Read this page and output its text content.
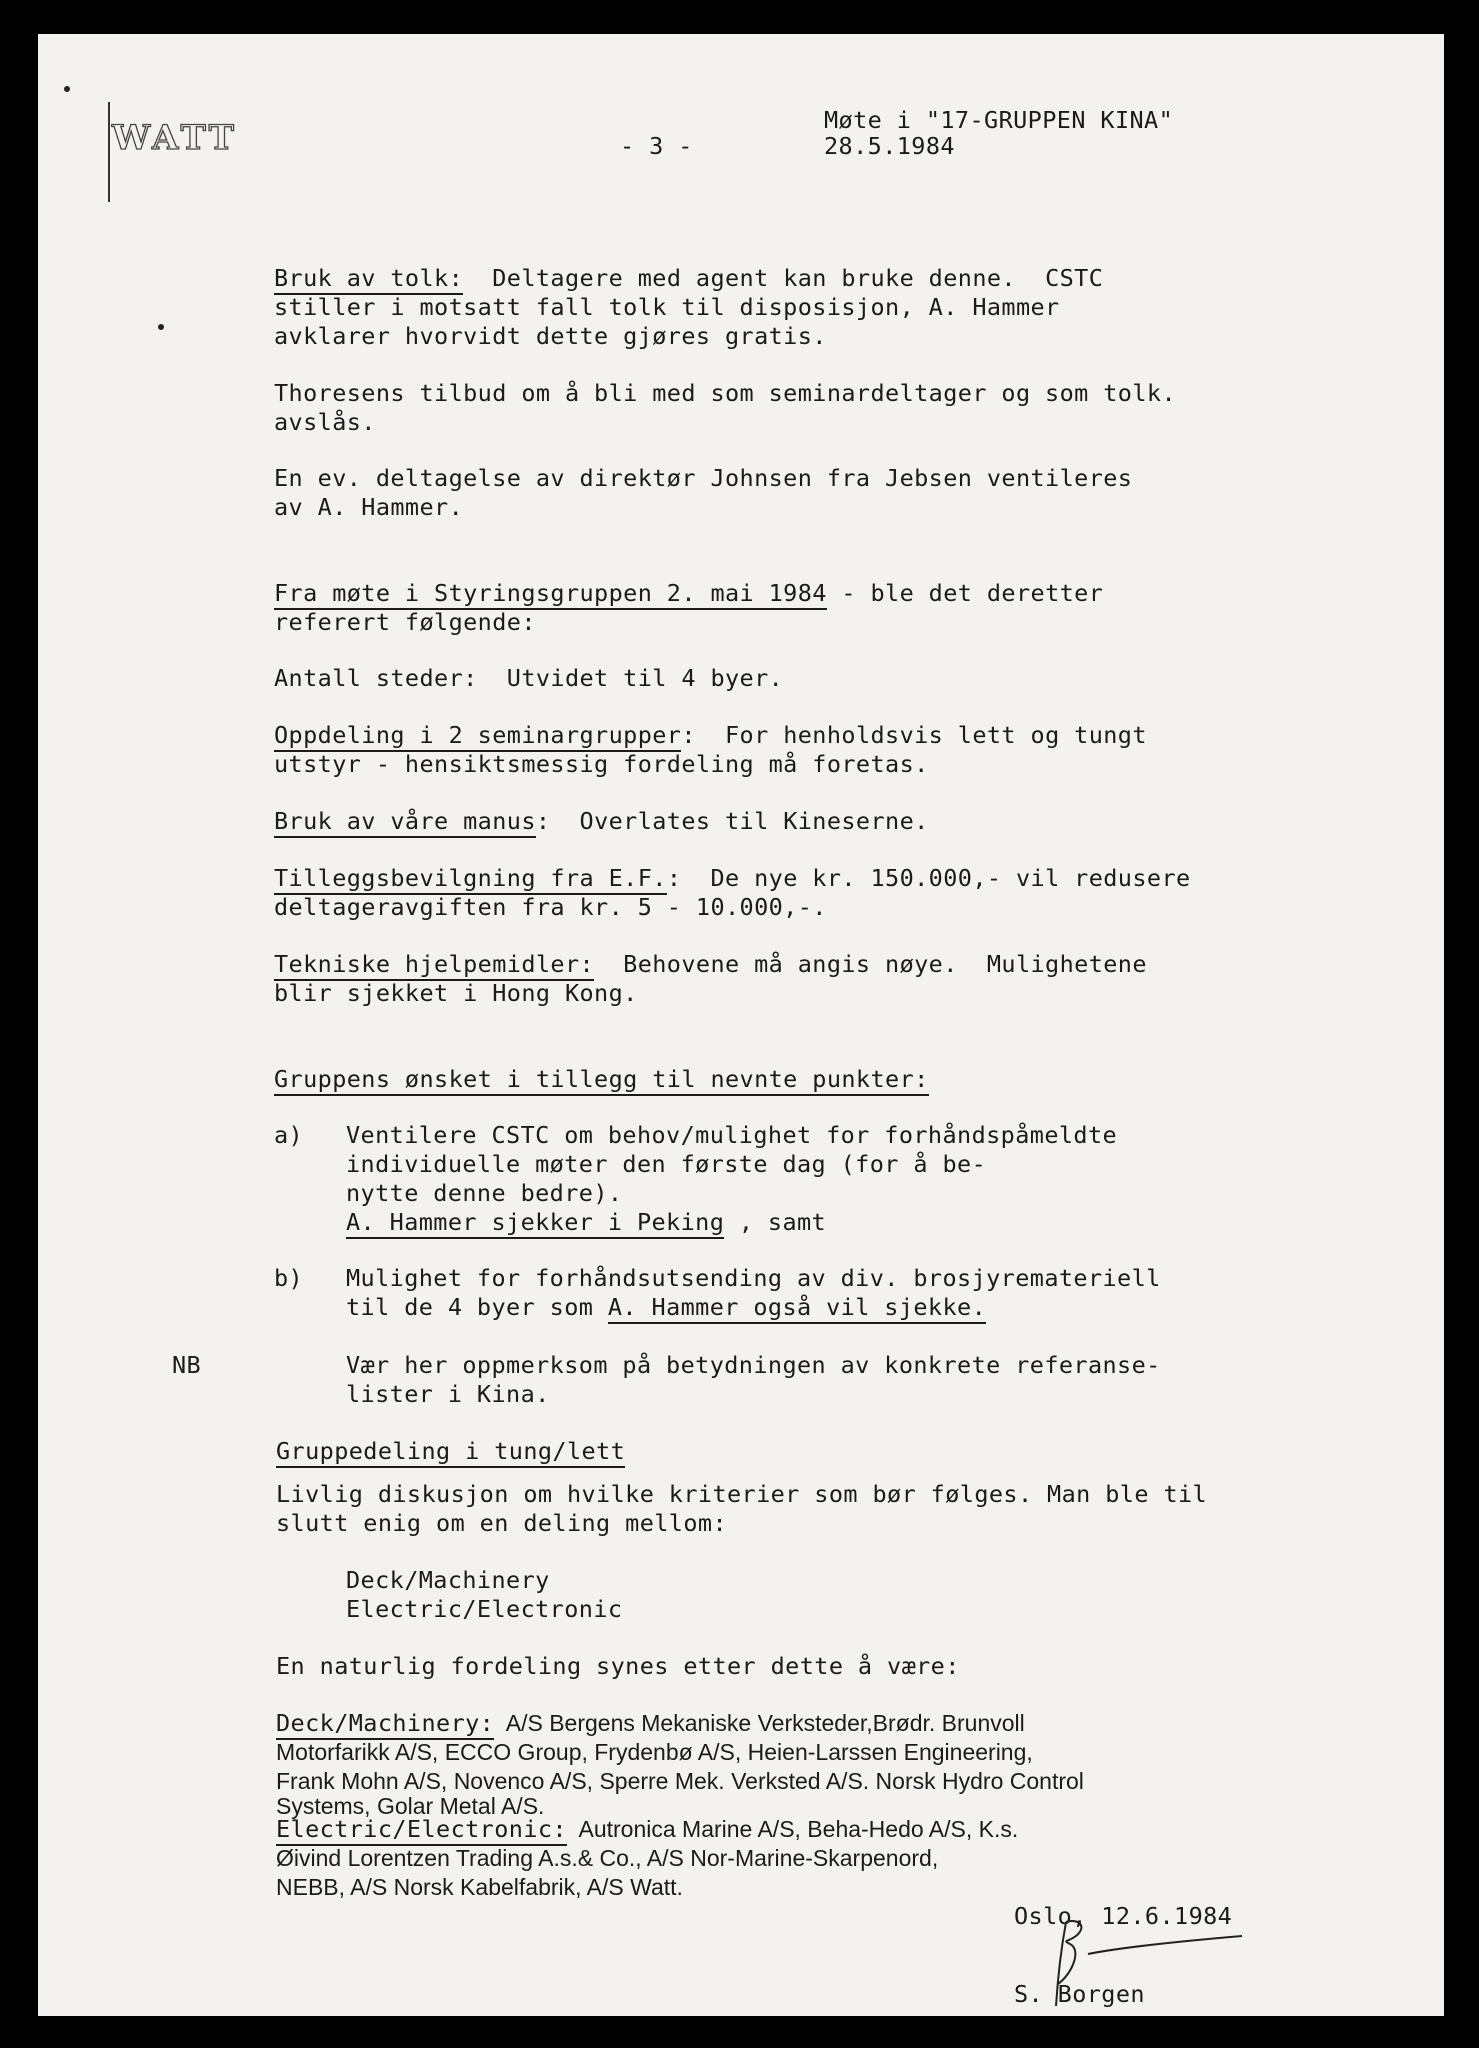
WATT	- 3 -
Møte i "17-GRUPPEN KINA"
28.5.1984
Bruk av tolk:  Deltagere med agent kan bruke denne.  CSTC
stiller i motsatt fall tolk til disposisjon, A. Hammer
avklarer hvorvidt dette gjøres gratis.
Thoresens tilbud om å bli med som seminardeltager og som tolk.
avslås.
En ev. deltagelse av direktør Johnsen fra Jebsen ventileres
av A. Hammer.
Fra møte i Styringsgruppen 2. mai 1984 - ble det deretter
referert følgende:
Antall steder:  Utvidet til 4 byer.
Oppdeling i 2 seminargrupper:  For henholdsvis lett og tungt
utstyr - hensiktsmessig fordeling må foretas.
Bruk av våre manus:  Overlates til Kineserne.
Tilleggsbevilgning fra E.F.:  De nye kr. 150.000,- vil redusere
deltageravgiften fra kr. 5 - 10.000,-.
Tekniske hjelpemidler:  Behovene må angis nøye.  Mulighetene
blir sjekket i Hong Kong.
Gruppens ønsket i tillegg til nevnte punkter:
a) Ventilere CSTC om behov/mulighet for forhåndspåmeldte
individuelle møter den første dag (for å be-
nytte denne bedre).
A. Hammer sjekker i Peking , samt
b) Mulighet for forhåndsutsending av div. brosjyremateriell
til de 4 byer som A. Hammer også vil sjekke.
NB	Vær her oppmerksom på betydningen av konkrete referanse-
lister i Kina.
Gruppedeling i tung/lett
Livlig diskusjon om hvilke kriterier som bør følges. Man ble til
slutt enig om en deling mellom:
Deck/Machinery
Electric/Electronic
En naturlig fordeling synes etter dette å være:
Deck/Machinery:  A/S Bergens Mekaniske Verksteder,Brødr. Brunvoll
Motorfarikk A/S, ECCO Group, Frydenbø A/S, Heien-Larssen Engineering,
Frank Mohn A/S, Novenco A/S, Sperre Mek. Verksted A/S. Norsk Hydro Control
Systems, Golar Metal A/S.
Electric/Electronic:  Autronica Marine A/S, Beha-Hedo A/S, K.s.
Øivind Lorentzen Trading A.s.& Co., A/S Nor-Marine-Skarpenord,
NEBB, A/S Norsk Kabelfabrik, A/S Watt.
Oslo, 12.6.1984
S. Borgen
